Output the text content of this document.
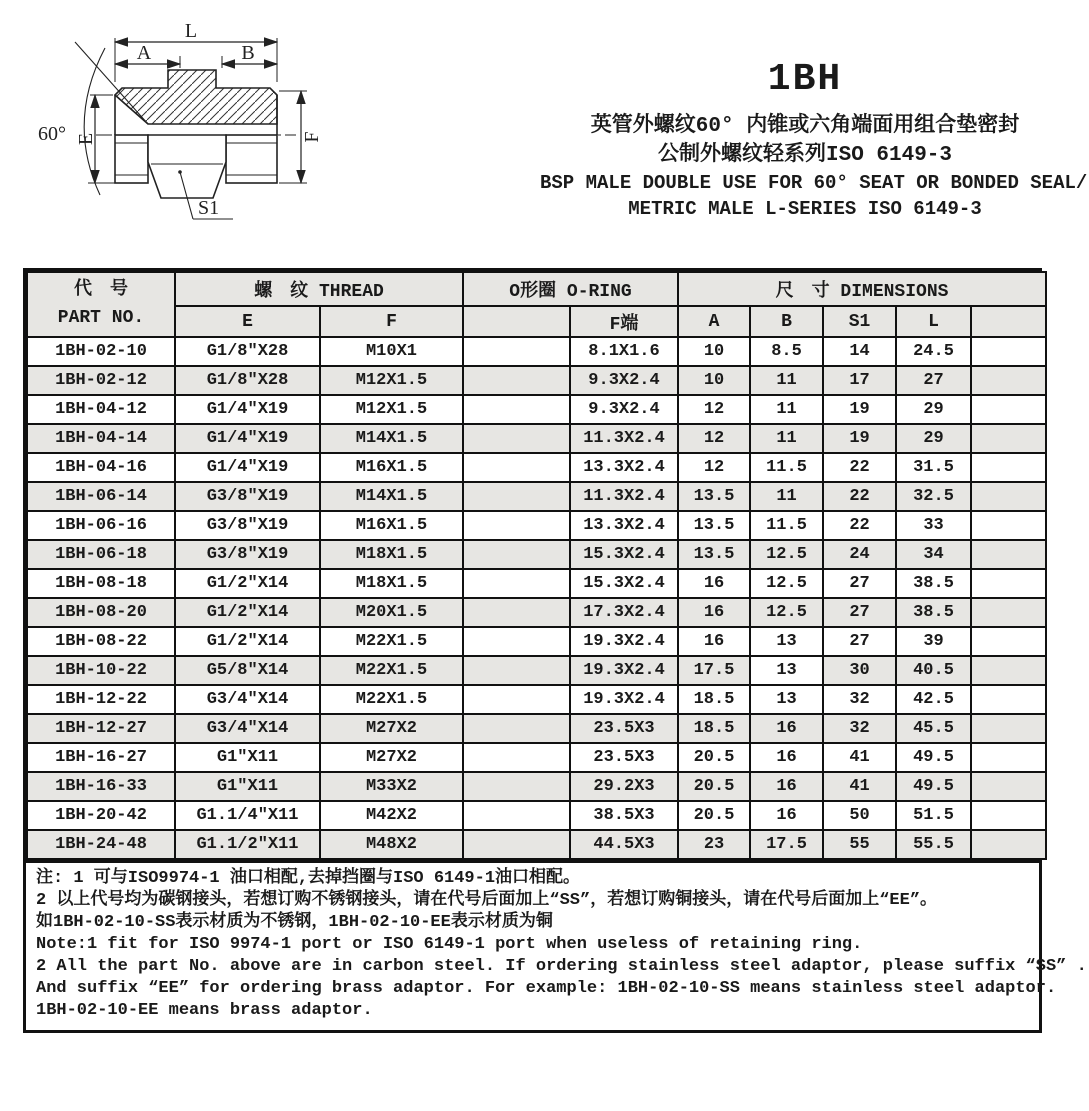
L
A	B
E	F
S1
60°
1BH
英管外螺纹60° 内锥或六角端面用组合垫密封
公制外螺纹轻系列ISO 6149-3
BSP MALE DOUBLE USE FOR 60° SEAT OR BONDED SEAL/
METRIC MALE L-SERIES ISO 6149-3
代　号
PART NO.	螺　纹 THREAD		O形圈 O-RING		尺　寸 DIMENSIONS				
	E	F		F端	A	B	S1	L	
1BH-02-10	G1/8″X28	M10X1		8.1X1.6	10	8.5	14	24.5	
1BH-02-12	G1/8″X28	M12X1.5		9.3X2.4	10	11	17	27	
1BH-04-12	G1/4″X19	M12X1.5		9.3X2.4	12	11	19	29	
1BH-04-14	G1/4″X19	M14X1.5		11.3X2.4	12	11	19	29	
1BH-04-16	G1/4″X19	M16X1.5		13.3X2.4	12	11.5	22	31.5	
1BH-06-14	G3/8″X19	M14X1.5		11.3X2.4	13.5	11	22	32.5	
1BH-06-16	G3/8″X19	M16X1.5		13.3X2.4	13.5	11.5	22	33	
1BH-06-18	G3/8″X19	M18X1.5		15.3X2.4	13.5	12.5	24	34	
1BH-08-18	G1/2″X14	M18X1.5		15.3X2.4	16	12.5	27	38.5	
1BH-08-20	G1/2″X14	M20X1.5		17.3X2.4	16	12.5	27	38.5	
1BH-08-22	G1/2″X14	M22X1.5		19.3X2.4	16	13	27	39	
1BH-10-22	G5/8″X14	M22X1.5		19.3X2.4	17.5	13	30	40.5	
1BH-12-22	G3/4″X14	M22X1.5		19.3X2.4	18.5	13	32	42.5	
1BH-12-27	G3/4″X14	M27X2		23.5X3	18.5	16	32	45.5	
1BH-16-27	G1″X11	M27X2		23.5X3	20.5	16	41	49.5	
1BH-16-33	G1″X11	M33X2		29.2X3	20.5	16	41	49.5	
1BH-20-42	G1.1/4″X11	M42X2		38.5X3	20.5	16	50	51.5	
1BH-24-48	G1.1/2″X11	M48X2		44.5X3	23	17.5	55	55.5	
注: 1 可与ISO9974-1 油口相配,去掉挡圈与ISO 6149-1油口相配。
2 以上代号均为碳钢接头，若想订购不锈钢接头，请在代号后面加上“SS”，若想订购铜接头，请在代号后面加上“EE”。
如1BH-02-10-SS表示材质为不锈钢，1BH-02-10-EE表示材质为铜
Note:1 fit for ISO 9974-1 port or ISO 6149-1 port when useless of retaining ring.
2 All the part No. above are in carbon steel. If ordering stainless steel adaptor, please suffix “SS” .
And suffix “EE” for ordering brass adaptor. For example: 1BH-02-10-SS means stainless steel adaptor.
1BH-02-10-EE means brass adaptor.
